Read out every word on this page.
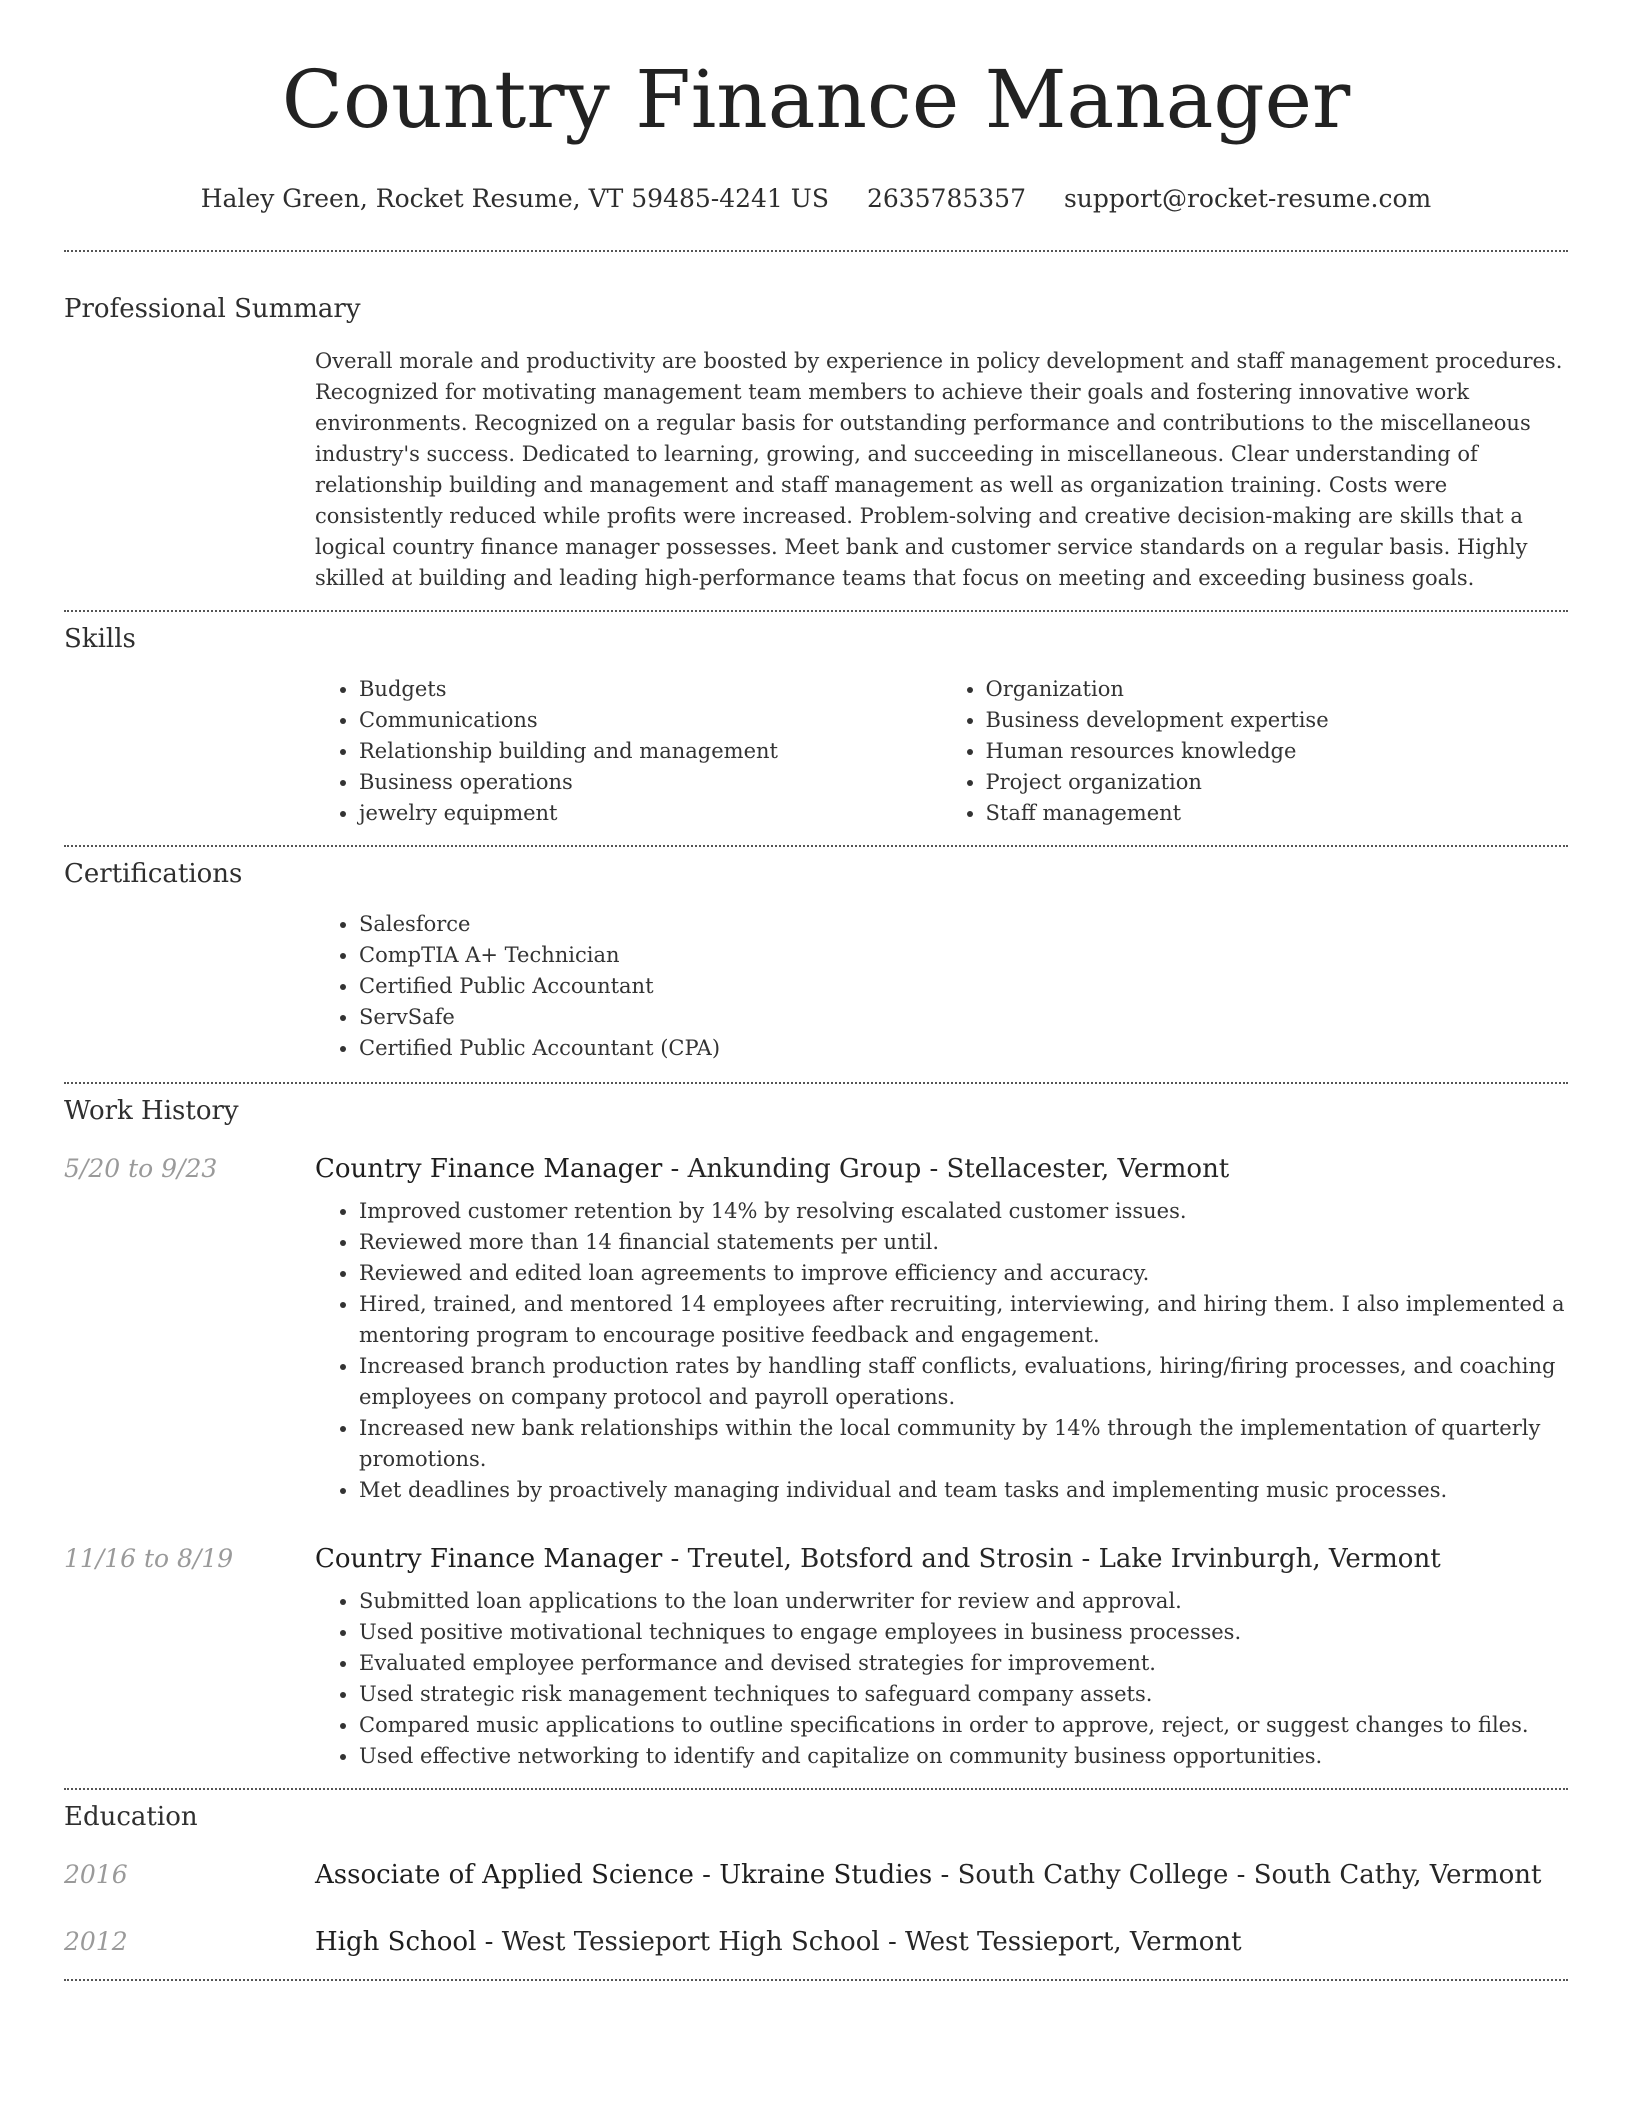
Country Finance Manager
Haley Green, Rocket Resume, VT 59485-4241 US 2635785357 support@rocket-resume.com
Professional Summary
Overall morale and productivity are boosted by experience in policy development and staff management procedures. Recognized for motivating management team members to achieve their goals and fostering innovative work environments. Recognized on a regular basis for outstanding performance and contributions to the miscellaneous industry's success. Dedicated to learning, growing, and succeeding in miscellaneous. Clear understanding of relationship building and management and staff management as well as organization training. Costs were consistently reduced while profits were increased. Problem-solving and creative decision-making are skills that a logical country finance manager possesses. Meet bank and customer service standards on a regular basis. Highly skilled at building and leading high-performance teams that focus on meeting and exceeding business goals.
Skills
• Budgets
• Communications
• Relationship building and management
• Business operations
• jewelry equipment
• Organization
• Business development expertise
• Human resources knowledge
• Project organization
• Staff management
Certifications
• Salesforce
• CompTIA A+ Technician
• Certified Public Accountant
• ServSafe
• Certified Public Accountant (CPA)
Work History
5/20 to 9/23	Country Finance Manager - Ankunding Group - Stellacester, Vermont
• Improved customer retention by 14% by resolving escalated customer issues.
• Reviewed more than 14 financial statements per until.
• Reviewed and edited loan agreements to improve efficiency and accuracy.
• Hired, trained, and mentored 14 employees after recruiting, interviewing, and hiring them. I also implemented a mentoring program to encourage positive feedback and engagement.
• Increased branch production rates by handling staff conflicts, evaluations, hiring/firing processes, and coaching employees on company protocol and payroll operations.
• Increased new bank relationships within the local community by 14% through the implementation of quarterly promotions.
• Met deadlines by proactively managing individual and team tasks and implementing music processes.
11/16 to 8/19	Country Finance Manager - Treutel, Botsford and Strosin - Lake Irvinburgh, Vermont
• Submitted loan applications to the loan underwriter for review and approval.
• Used positive motivational techniques to engage employees in business processes.
• Evaluated employee performance and devised strategies for improvement.
• Used strategic risk management techniques to safeguard company assets.
• Compared music applications to outline specifications in order to approve, reject, or suggest changes to files.
• Used effective networking to identify and capitalize on community business opportunities.
Education
2016	Associate of Applied Science - Ukraine Studies - South Cathy College - South Cathy, Vermont
2012	High School - West Tessieport High School - West Tessieport, Vermont
